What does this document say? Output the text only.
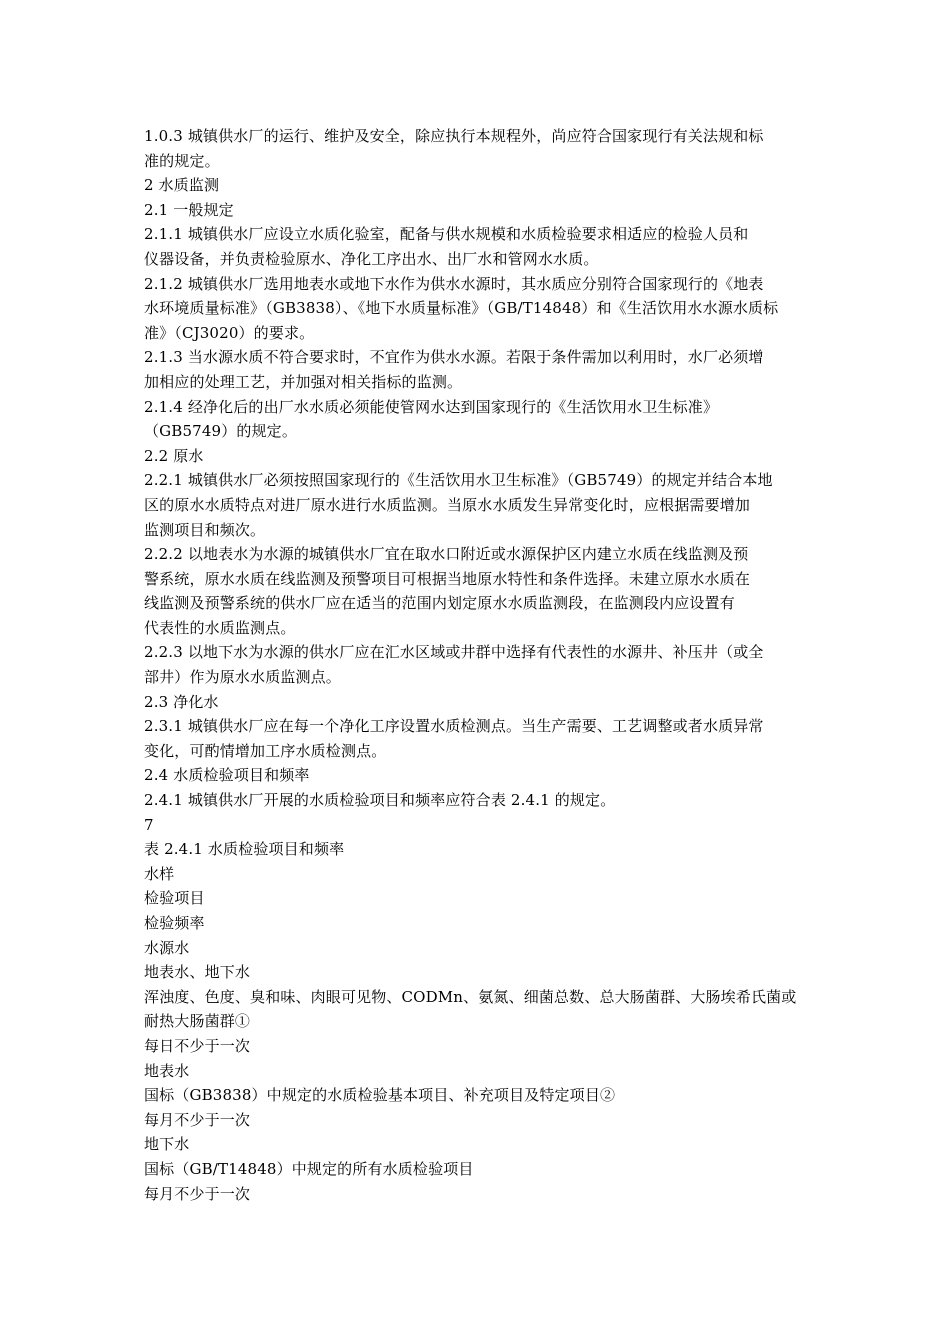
1.0.3 城镇供水厂的运行、维护及安全，除应执行本规程外，尚应符合国家现行有关法规和标
准的规定。
2 水质监测
2.1 一般规定
2.1.1 城镇供水厂应设立水质化验室，配备与供水规模和水质检验要求相适应的检验人员和
仪器设备，并负责检验原水、净化工序出水、出厂水和管网水水质。
2.1.2 城镇供水厂选用地表水或地下水作为供水水源时，其水质应分别符合国家现行的《地表
水环境质量标准》（GB3838）、《地下水质量标准》（GB/T14848）和《生活饮用水水源水质标
准》（CJ3020）的要求。
2.1.3 当水源水质不符合要求时，不宜作为供水水源。若限于条件需加以利用时，水厂必须增
加相应的处理工艺，并加强对相关指标的监测。
2.1.4 经净化后的出厂水水质必须能使管网水达到国家现行的《生活饮用水卫生标准》
（GB5749）的规定。
2.2 原水
2.2.1 城镇供水厂必须按照国家现行的《生活饮用水卫生标准》（GB5749）的规定并结合本地
区的原水水质特点对进厂原水进行水质监测。当原水水质发生异常变化时，应根据需要增加
监测项目和频次。
2.2.2 以地表水为水源的城镇供水厂宜在取水口附近或水源保护区内建立水质在线监测及预
警系统，原水水质在线监测及预警项目可根据当地原水特性和条件选择。未建立原水水质在
线监测及预警系统的供水厂应在适当的范围内划定原水水质监测段，在监测段内应设置有
代表性的水质监测点。
2.2.3 以地下水为水源的供水厂应在汇水区域或井群中选择有代表性的水源井、补压井（或全
部井）作为原水水质监测点。
2.3 净化水
2.3.1 城镇供水厂应在每一个净化工序设置水质检测点。当生产需要、工艺调整或者水质异常
变化，可酌情增加工序水质检测点。
2.4 水质检验项目和频率
2.4.1 城镇供水厂开展的水质检验项目和频率应符合表 2.4.1 的规定。
7
表 2.4.1 水质检验项目和频率
水样
检验项目
检验频率
水源水
地表水、地下水
浑浊度、色度、臭和味、肉眼可见物、CODMn、氨氮、细菌总数、总大肠菌群、大肠埃希氏菌或
耐热大肠菌群①
每日不少于一次
地表水
国标（GB3838）中规定的水质检验基本项目、补充项目及特定项目②
每月不少于一次
地下水
国标（GB/T14848）中规定的所有水质检验项目
每月不少于一次
